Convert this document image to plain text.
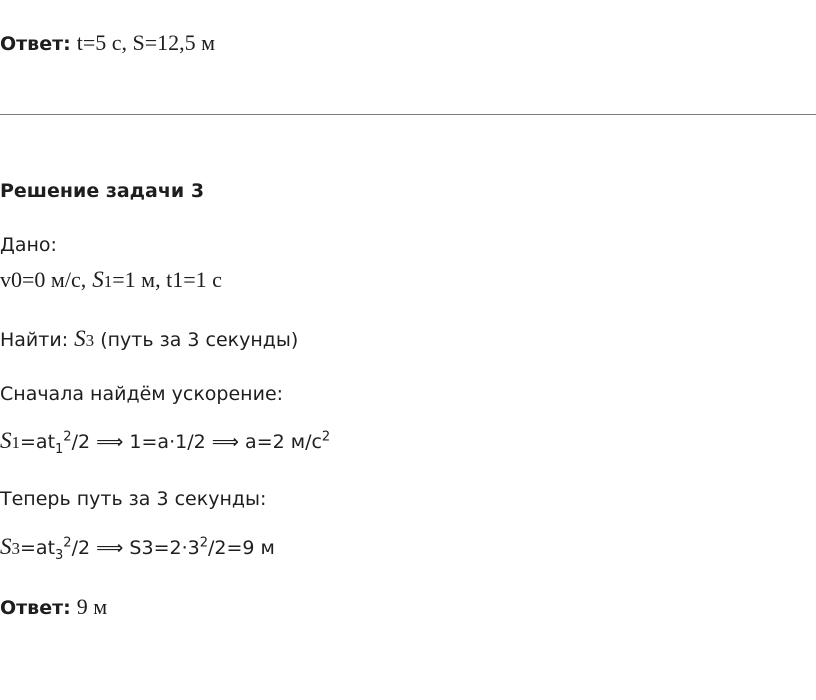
Ответ: t=5 с, S=12,5 м
Решение задачи 3
Дано:
v0=0 м/с, S1=1 м, t1=1 с
Найти: S3 (путь за 3 секунды)
Сначала найдём ускорение:
$S1=at_1^2/2$ ⟹ 1=a·1/2 ⟹ a=2 $м/с^2$
Теперь путь за 3 секунды:
$S3=at_3^2/2$ ⟹ $S3=2\cdot 3^2/2=9$ м
Ответ: 9 м
